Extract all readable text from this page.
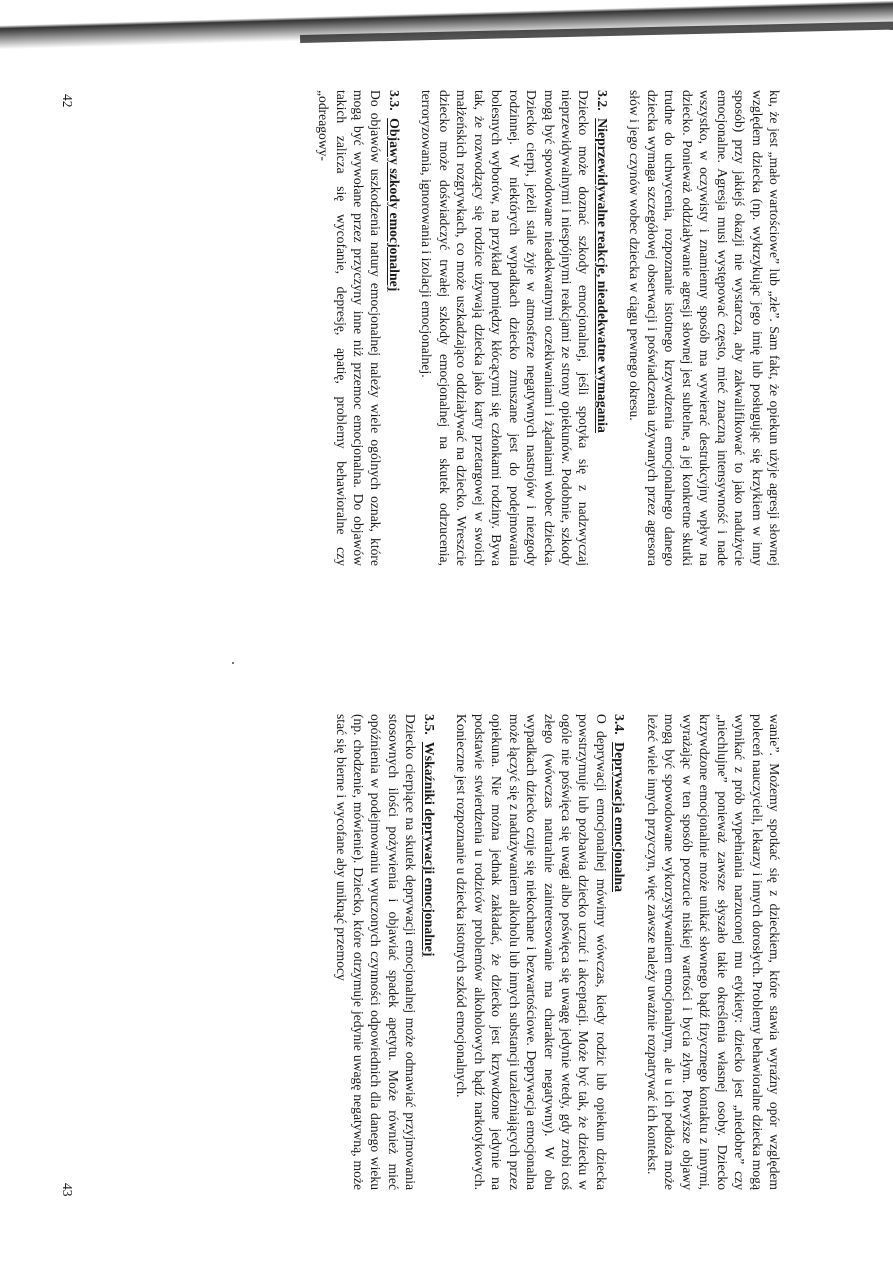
ku, że jest „mało wartościowe” lub „złe”. Sam fakt, że opiekun użyje agresji słownej względem dziecka (np. wykrzykując jego imię lub posługując się krzykiem w inny sposób) przy jakiejś okazji nie wystarcza, aby zakwalifikować to jako nadużycie emocjonalne. Agresja musi występować często, mieć znaczną intensywność i nade wszystko, w oczywisty i znamienny sposób ma wywierać destrukcyjny wpływ na dziecko. Ponieważ oddziaływanie agresji słownej jest subtelne, a jej konkretne skutki trudne do uchwycenia, rozpoznanie istotnego krzywdzenia emocjonalnego danego dziecka wymaga szczegółowej obserwacji i poświadczenia używanych przez agresora słów i jego czynów wobec dziecka w ciągu pewnego okresu.

3.2. Nieprzewidywalne reakcje, nieadekwatne wymagania

Dziecko może doznać szkody emocjonalnej, jeśli spotyka się z nadzwyczaj nieprzewidywalnymi i niespójnymi reakcjami ze strony opiekunów. Podobnie, szkody mogą być spowodowane nieadekwatnymi oczekiwaniami i żądaniami wobec dziecka. Dziecko cierpi, jeżeli stale żyje w atmosferze negatywnych nastrojów i niezgody rodzinnej. W niektórych wypadkach dziecko zmuszane jest do podejmowania bolesnych wyborów, na przykład pomiędzy kłócącymi się członkami rodziny. Bywa tak, że rozwodzący się rodzice używają dziecka jako karty przetargowej w swoich małżeńskich rozgrywkach, co może uszkadzająco oddziaływać na dziecko. Wreszcie dziecko może doświadczyć trwałej szkody emocjonalnej na skutek odrzucenia, terroryzowania, ignorowania i izolacji emocjonalnej.

3.3. Objawy szkody emocjonalnej

Do objawów uszkodzenia natury emocjonalnej należy wiele ogólnych oznak, które mogą być wywołane przez przyczyny inne niż przemoc emocjonalna. Do objawów takich zalicza się wycofanie, depresję, apatię, problemy behawioralne czy „odreagowy-

42

wanie”. Możemy spotkać się z dzieckiem, które stawia wyraźny opór względem poleceń nauczycieli, lekarzy i innych dorosłych. Problemy behawioralne dziecka mogą wynikać z prób wypełniania narzuconej mu etykiety: dziecko jest „niedobre” czy „niechlujne” ponieważ zawsze słyszało takie określenia własnej osoby. Dziecko krzywdzone emocjonalnie może unikać słownego bądź fizycznego kontaktu z innymi, wyrażając w ten sposób poczucie niskiej wartości i bycia złym. Powyższe objawy mogą być spowodowane wykorzystywaniem emocjonalnym, ale u ich podłoża może leżeć wiele innych przyczyn, więc zawsze należy uważnie rozpatrywać ich kontekst.

3.4. Deprywacja emocjonalna

O deprywacji emocjonalnej mówimy wówczas, kiedy rodzic lub opiekun dziecka powstrzymuje lub pozbawia dziecko uczuć i akceptacji. Może być tak, że dziecku w ogóle nie poświęca się uwagi albo poświęca się uwagę jedynie wtedy, gdy zrobi coś złego (wówczas naturalnie zainteresowanie ma charakter negatywny). W obu wypadkach dziecko czuje się niekochane i bezwartościowe. Deprywacja emocjonalna może łączyć się z nadużywaniem alkoholu lub innych substancji uzależniających przez opiekuna. Nie można jednak zakładać, że dziecko jest krzywdzone jedynie na podstawie stwierdzenia u rodziców problemów alkoholowych bądź narkotykowych. Konieczne jest rozpoznanie u dziecka istotnych szkód emocjonalnych.

3.5. Wskaźniki deprywacji emocjonalnej

Dziecko cierpiące na skutek deprywacji emocjonalnej może odmawiać przyjmowania stosownych ilości pożywienia i objawiać spadek apetytu. Może również mieć opóźnienia w podejmowaniu wyuczonych czynności odpowiednich dla danego wieku (np. chodzenie, mówienie). Dziecko, które otrzymuje jedynie uwagę negatywną, może stać się bierne i wycofane aby uniknąć przemocy

43
